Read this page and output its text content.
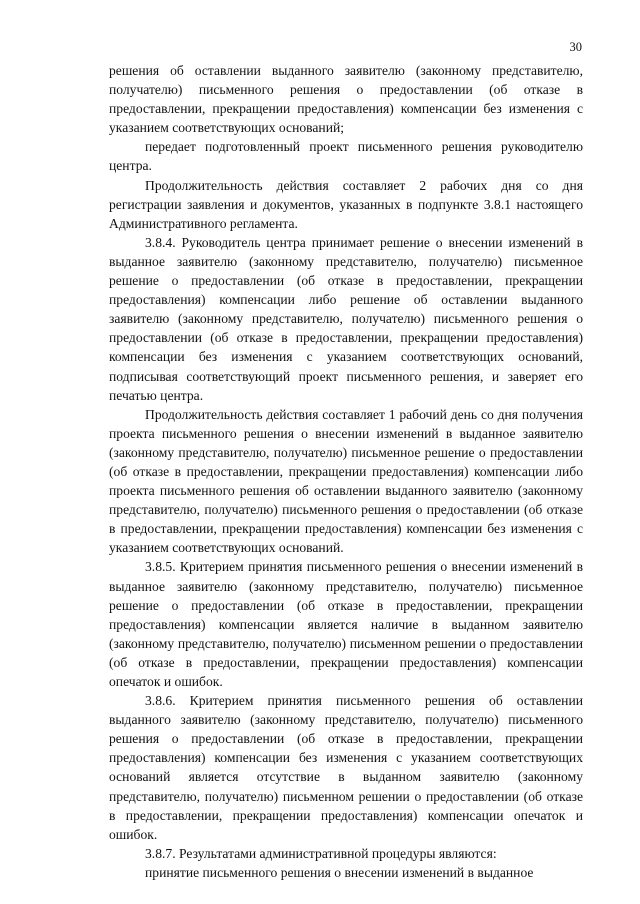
30

решения об оставлении выданного заявителю (законному представителю, получателю) письменного решения о предоставлении (об отказе в предоставлении, прекращении предоставления) компенсации без изменения с указанием соответствующих оснований;

передает подготовленный проект письменного решения руководителю центра.

Продолжительность действия составляет 2 рабочих дня со дня регистрации заявления и документов, указанных в подпункте 3.8.1 настоящего Административного регламента.

3.8.4. Руководитель центра принимает решение о внесении изменений в выданное заявителю (законному представителю, получателю) письменное решение о предоставлении (об отказе в предоставлении, прекращении предоставления) компенсации либо решение об оставлении выданного заявителю (законному представителю, получателю) письменного решения о предоставлении (об отказе в предоставлении, прекращении предоставления) компенсации без изменения с указанием соответствующих оснований, подписывая соответствующий проект письменного решения, и заверяет его печатью центра.

Продолжительность действия составляет 1 рабочий день со дня получения проекта письменного решения о внесении изменений в выданное заявителю (законному представителю, получателю) письменное решение о предоставлении (об отказе в предоставлении, прекращении предоставления) компенсации либо проекта письменного решения об оставлении выданного заявителю (законному представителю, получателю) письменного решения о предоставлении (об отказе в предоставлении, прекращении предоставления) компенсации без изменения с указанием соответствующих оснований.

3.8.5. Критерием принятия письменного решения о внесении изменений в выданное заявителю (законному представителю, получателю) письменное решение о предоставлении (об отказе в предоставлении, прекращении предоставления) компенсации является наличие в выданном заявителю (законному представителю, получателю) письменном решении о предоставлении (об отказе в предоставлении, прекращении предоставления) компенсации опечаток и ошибок.

3.8.6. Критерием принятия письменного решения об оставлении выданного заявителю (законному представителю, получателю) письменного решения о предоставлении (об отказе в предоставлении, прекращении предоставления) компенсации без изменения с указанием соответствующих оснований является отсутствие в выданном заявителю (законному представителю, получателю) письменном решении о предоставлении (об отказе в предоставлении, прекращении предоставления) компенсации опечаток и ошибок.

3.8.7. Результатами административной процедуры являются:

принятие письменного решения о внесении изменений в выданное
